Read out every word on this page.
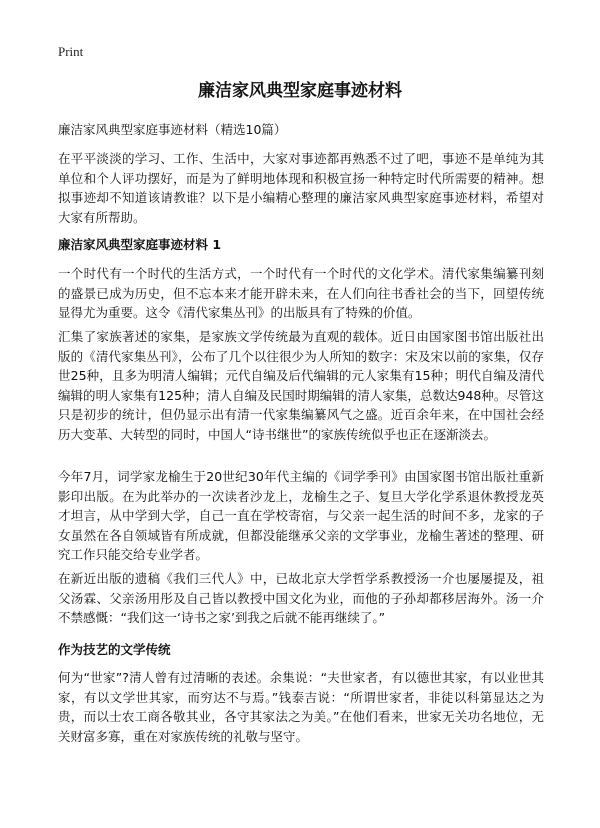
Print
廉洁家风典型家庭事迹材料

廉洁家风典型家庭事迹材料（精选10篇）

在平平淡淡的学习、工作、生活中，大家对事迹都再熟悉不过了吧，事迹不是单纯为其单位和个人评功摆好，而是为了鲜明地体现和积极宣扬一种特定时代所需要的精神。想拟事迹却不知道该请教谁？以下是小编精心整理的廉洁家风典型家庭事迹材料，希望对大家有所帮助。

廉洁家风典型家庭事迹材料 1

一个时代有一个时代的生活方式，一个时代有一个时代的文化学术。清代家集编纂刊刻的盛景已成为历史，但不忘本来才能开辟未来，在人们向往书香社会的当下，回望传统显得尤为重要。这令《清代家集丛刊》的出版具有了特殊的价值。

汇集了家族著述的家集，是家族文学传统最为直观的载体。近日由国家图书馆出版社出版的《清代家集丛刊》，公布了几个以往很少为人所知的数字：宋及宋以前的家集，仅存世25种，且多为明清人编辑；元代自编及后代编辑的元人家集有15种；明代自编及清代编辑的明人家集有125种；清人自编及民国时期编辑的清人家集，总数达948种。尽管这只是初步的统计，但仍显示出有清一代家集编纂风气之盛。近百余年来，在中国社会经历大变革、大转型的同时，中国人“诗书继世”的家族传统似乎也正在逐渐淡去。

今年7月，词学家龙榆生于20世纪30年代主编的《词学季刊》由国家图书馆出版社重新影印出版。在为此举办的一次读者沙龙上，龙榆生之子、复旦大学化学系退休教授龙英才坦言，从中学到大学，自己一直在学校寄宿，与父亲一起生活的时间不多，龙家的子女虽然在各自领域皆有所成就，但都没能继承父亲的文学事业，龙榆生著述的整理、研究工作只能交给专业学者。

在新近出版的遗稿《我们三代人》中，已故北京大学哲学系教授汤一介也屡屡提及，祖父汤霖、父亲汤用彤及自己皆以教授中国文化为业，而他的子孙却都移居海外。汤一介不禁感慨：“我们这一‘诗书之家’到我之后就不能再继续了。”

作为技艺的文学传统

何为“世家”?清人曾有过清晰的表述。余集说：“夫世家者，有以德世其家，有以业世其家，有以文学世其家，而穷达不与焉。”钱泰吉说：“所谓世家者，非徒以科第显达之为贵，而以士农工商各敬其业，各守其家法之为美。”在他们看来，世家无关功名地位，无关财富多寡，重在对家族传统的礼敬与坚守。
